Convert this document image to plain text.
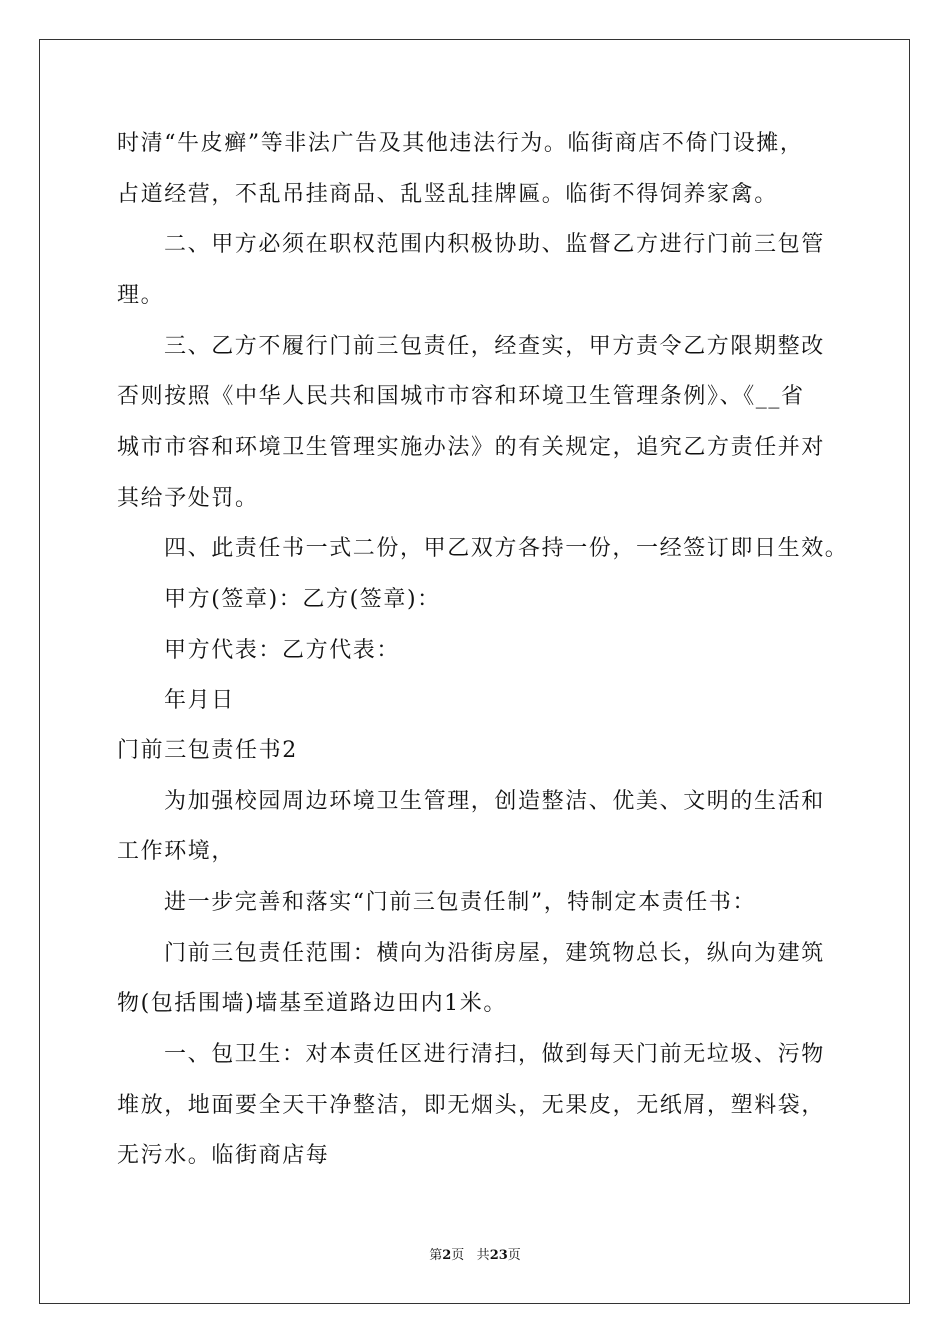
时清“牛皮癣”等非法广告及其他违法行为。临街商店不倚门设摊，
占道经营，不乱吊挂商品、乱竖乱挂牌匾。临街不得饲养家禽。
二、甲方必须在职权范围内积极协助、监督乙方进行门前三包管
理。
三、乙方不履行门前三包责任，经查实，甲方责令乙方限期整改
否则按照《中华人民共和国城市市容和环境卫生管理条例》、《__省
城市市容和环境卫生管理实施办法》的有关规定，追究乙方责任并对
其给予处罚。
四、此责任书一式二份，甲乙双方各持一份，一经签订即日生效。
甲方(签章)：乙方(签章)：
甲方代表：乙方代表：
年月日
门前三包责任书2
为加强校园周边环境卫生管理，创造整洁、优美、文明的生活和
工作环境，
进一步完善和落实“门前三包责任制”，特制定本责任书：
门前三包责任范围：横向为沿街房屋，建筑物总长，纵向为建筑
物(包括围墙)墙基至道路边田内1米。
一、包卫生：对本责任区进行清扫，做到每天门前无垃圾、污物
堆放，地面要全天干净整洁，即无烟头，无果皮，无纸屑，塑料袋，
无污水。临街商店每
第2页 共23页
